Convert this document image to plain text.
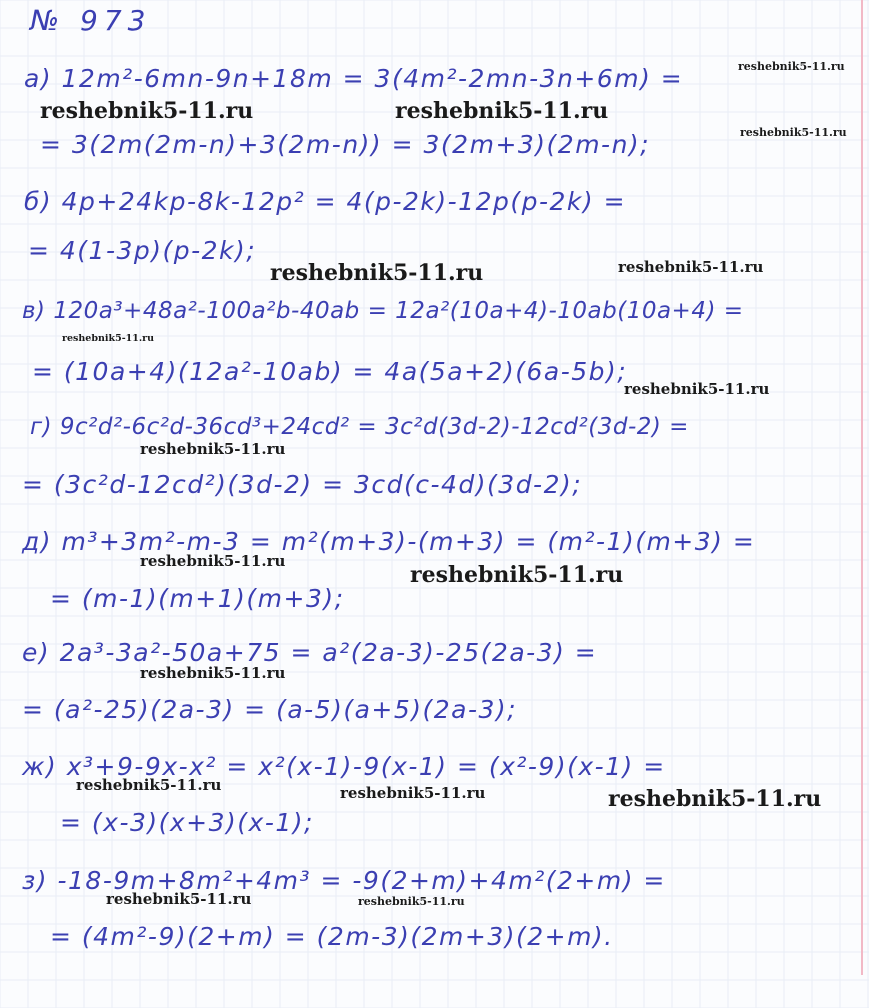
№ 973
а) 12m²-6mn-9n+18m = 3(4m²-2mn-3n+6m) =
= 3(2m(2m-n)+3(2m-n)) = 3(2m+3)(2m-n);
б) 4p+24kp-8k-12p² = 4(p-2k)-12p(p-2k) =
= 4(1-3p)(p-2k);
в) 120a³+48a²-100a²b-40ab = 12a²(10a+4)-10ab(10a+4) =
= (10a+4)(12a²-10ab) = 4a(5a+2)(6a-5b);
г) 9c²d²-6c²d-36cd³+24cd² = 3c²d(3d-2)-12cd²(3d-2) =
= (3c²d-12cd²)(3d-2) = 3cd(c-4d)(3d-2);
д) m³+3m²-m-3 = m²(m+3)-(m+3) = (m²-1)(m+3) =
= (m-1)(m+1)(m+3);
е) 2a³-3a²-50a+75 = a²(2a-3)-25(2a-3) =
= (a²-25)(2a-3) = (a-5)(a+5)(2a-3);
ж) x³+9-9x-x² = x²(x-1)-9(x-1) = (x²-9)(x-1) =
= (x-3)(x+3)(x-1);
з) -18-9m+8m²+4m³ = -9(2+m)+4m²(2+m) =
= (4m²-9)(2+m) = (2m-3)(2m+3)(2+m).
reshebnik5-11.ru
reshebnik5-11.ru	reshebnik5-11.ru
reshebnik5-11.ru
reshebnik5-11.ru	reshebnik5-11.ru
reshebnik5-11.ru
reshebnik5-11.ru
reshebnik5-11.ru
reshebnik5-11.ru
reshebnik5-11.ru
reshebnik5-11.ru
reshebnik5-11.ru	reshebnik5-11.ru	reshebnik5-11.ru
reshebnik5-11.ru	reshebnik5-11.ru
